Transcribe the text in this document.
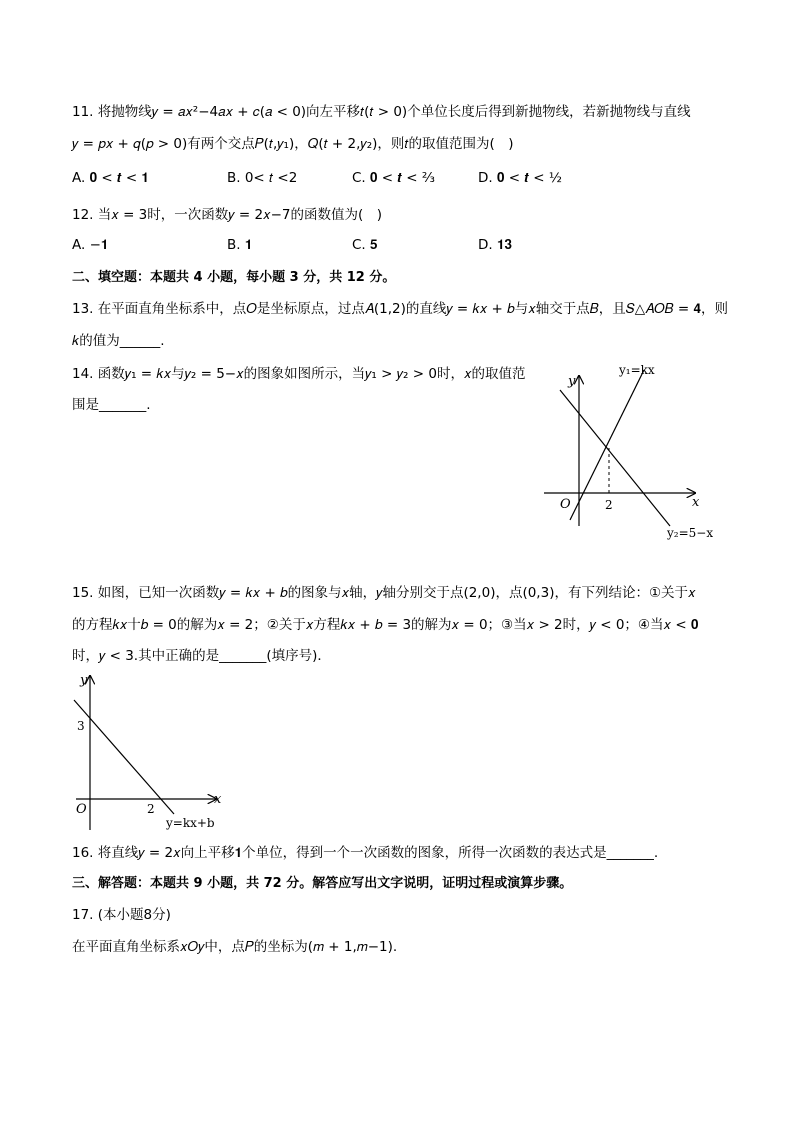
11. 将抛物线𝑦 = 𝑎𝑥²−4𝑎𝑥 + 𝑐(𝑎 < 0)向左平移𝑡(𝑡 > 0)个单位长度后得到新抛物线，若新抛物线与直线
𝑦 = 𝑝𝑥 + 𝑞(𝑝 > 0)有两个交点𝑃(𝑡,𝑦₁)，𝑄(𝑡 + 2,𝑦₂)，则𝑡的取值范围为(　)
A. 𝟎 < 𝒕 < 𝟏	B. 0< 𝑡 <2	C. 𝟎 < 𝒕 < ⅔	D. 𝟎 < 𝒕 < ½
12. 当𝑥 = 3时，一次函数𝑦 = 2𝑥−7的函数值为(　)
A. −𝟏	B. 𝟏	C. 𝟓	D. 𝟏𝟑
二、填空题：本题共 4 小题，每小题 3 分，共 12 分。
13. 在平面直角坐标系中，点𝑂是坐标原点，过点𝐴(1,2)的直线𝑦 = 𝑘𝑥 + 𝑏与𝑥轴交于点𝐵，且𝑆△𝐴𝑂𝐵 = 𝟒，则
𝑘的值为______.
14. 函数𝑦₁ = 𝑘𝑥与𝑦₂ = 5−𝑥的图象如图所示，当𝑦₁ > 𝑦₂ > 0时，𝑥的取值范
围是_______.
y
x
O	2
y₁=kx
y₂=5−x
15. 如图，已知一次函数𝑦 = 𝑘𝑥 + 𝑏的图象与𝑥轴，𝑦轴分别交于点(2,0)，点(0,3)，有下列结论：①关于𝑥
的方程𝑘𝑥十𝑏 = 0的解为𝑥 = 2；②关于𝑥方程𝑘𝑥 + 𝑏 = 3的解为𝑥 = 0；③当𝑥 > 2时，𝑦 < 0；④当𝑥 < 𝟎
时，𝑦 < 3.其中正确的是_______(填序号)．
y
x
O
3
2
y=kx+b
16. 将直线𝑦 = 2𝑥向上平移𝟏个单位，得到一个一次函数的图象，所得一次函数的表达式是_______.
三、解答题：本题共 9 小题，共 72 分。解答应写出文字说明，证明过程或演算步骤。
17. (本小题8分)
在平面直角坐标系𝑥𝑂𝑦中，点𝑃的坐标为(𝑚 + 1,𝑚−1).
